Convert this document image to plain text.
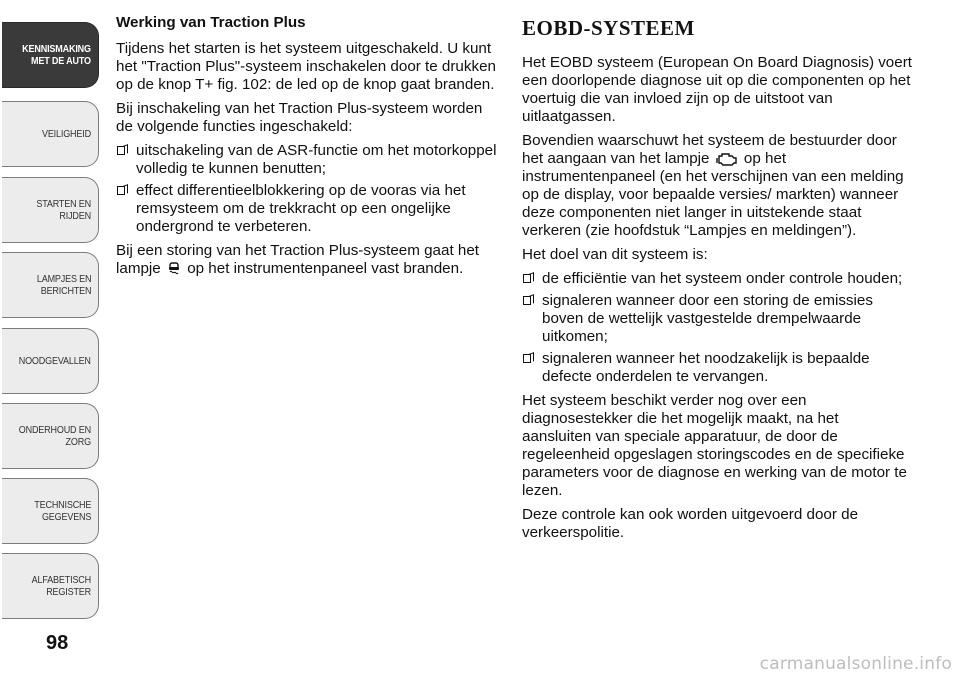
KENNISMAKING
MET DE AUTO
VEILIGHEID
STARTEN EN RIJDEN
LAMPJES EN
BERICHTEN
NOODGEVALLEN
ONDERHOUD EN
ZORG
TECHNISCHE
GEGEVENS
ALFABETISCH
REGISTER
98
Werking van Traction Plus

Tijdens het starten is het systeem uitgeschakeld. U kunt het "Traction Plus"-systeem inschakelen door te drukken op de knop T+ fig. 102: de led op de knop gaat branden.

Bij inschakeling van het Traction Plus-systeem worden de volgende functies ingeschakeld:

uitschakeling van de ASR-functie om het motorkoppel volledig te kunnen benutten;
effect differentieelblokkering op de vooras via het remsysteem om de trekkracht op een ongelijke ondergrond te verbeteren.

Bij een storing van het Traction Plus-systeem gaat het lampje  op het instrumentenpaneel vast branden.

EOBD-SYSTEEM

Het EOBD systeem (European On Board Diagnosis) voert een doorlopende diagnose uit op die componenten op het voertuig die van invloed zijn op de uitstoot van uitlaatgassen.

Bovendien waarschuwt het systeem de bestuurder door het aangaan van het lampje  op het instrumentenpaneel (en het verschijnen van een melding op de display, voor bepaalde versies/ markten) wanneer deze componenten niet langer in uitstekende staat verkeren (zie hoofdstuk “Lampjes en meldingen”).

Het doel van dit systeem is:

de efficiëntie van het systeem onder controle houden;
signaleren wanneer door een storing de emissies boven de wettelijk vastgestelde drempelwaarde uitkomen;
signaleren wanneer het noodzakelijk is bepaalde defecte onderdelen te vervangen.

Het systeem beschikt verder nog over een diagnosestekker die het mogelijk maakt, na het aansluiten van speciale apparatuur, de door de regeleenheid opgeslagen storingscodes en de specifieke parameters voor de diagnose en werking van de motor te lezen.

Deze controle kan ook worden uitgevoerd door de verkeerspolitie.

carmanualsonline.info
